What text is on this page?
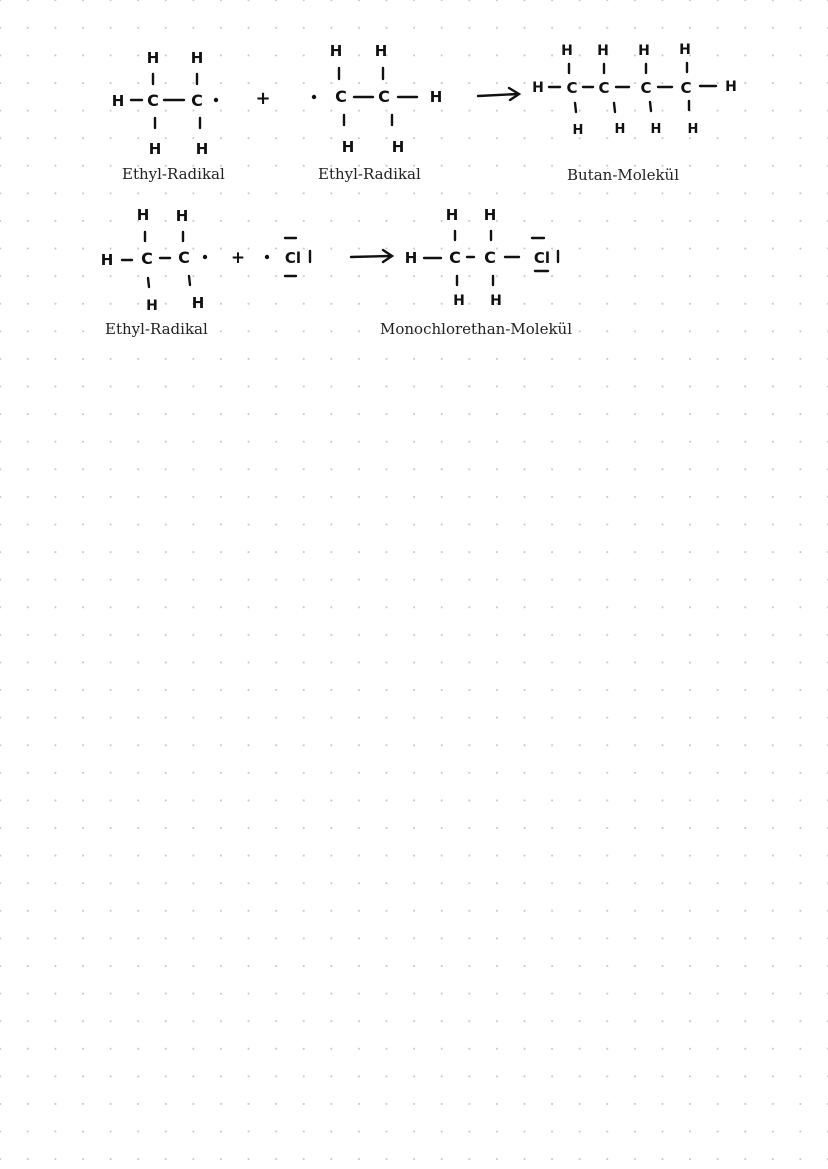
H H
H C C
H H
+
H H
C C	H
H H
H H H H
H C C C C H
H H H H
H H
H C C
H H
+	Cl
H H
H C C	Cl
H H
Ethyl-Radikal	Ethyl-Radikal	Butan-Molekül
Ethyl-Radikal	Monochlorethan-Molekül
